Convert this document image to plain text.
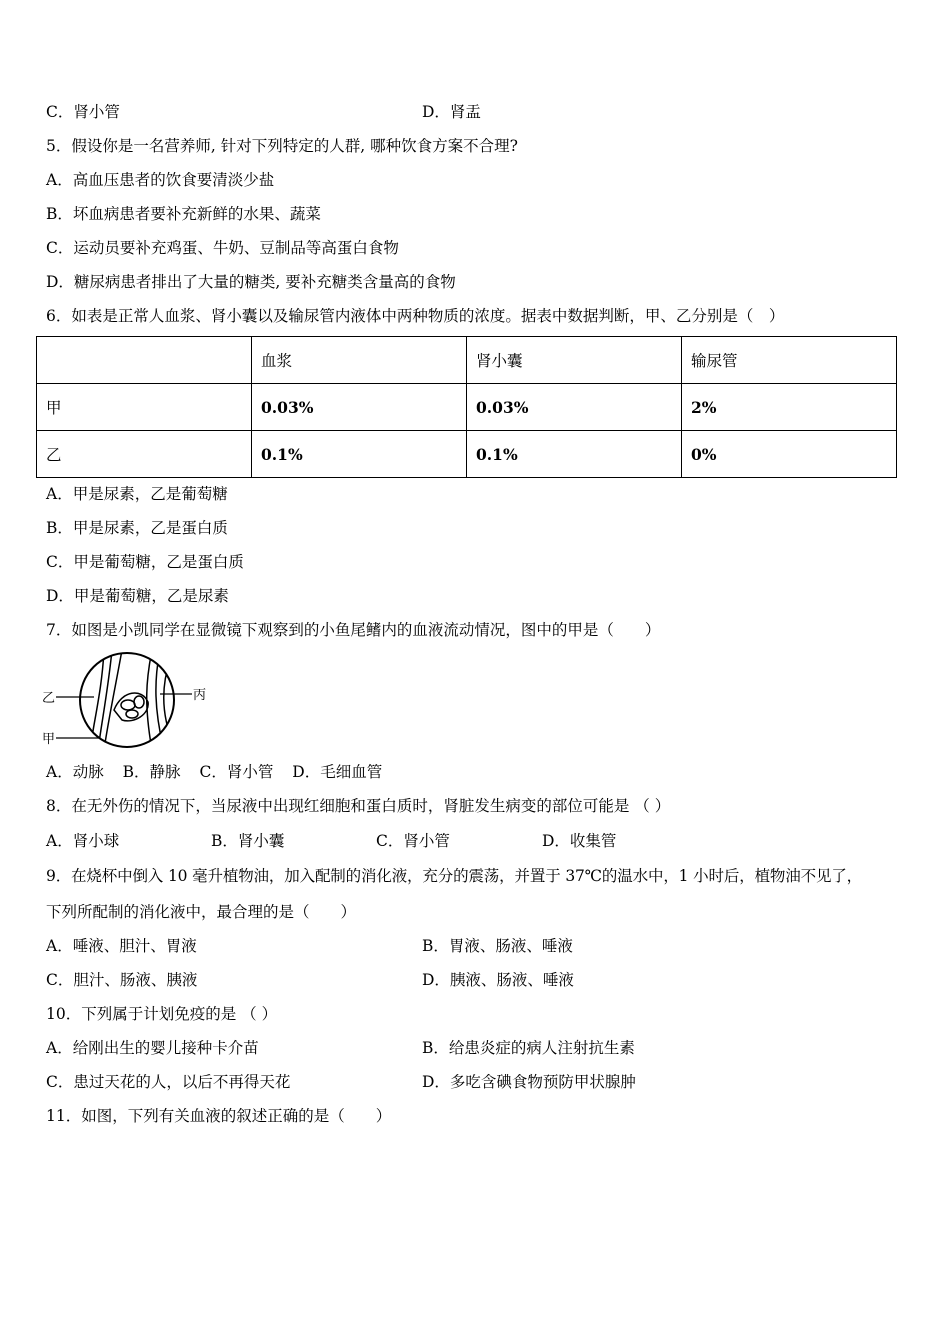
C．肾小管	D．肾盂
5．假设你是一名营养师, 针对下列特定的人群, 哪种饮食方案不合理?
A．高血压患者的饮食要清淡少盐
B．坏血病患者要补充新鲜的水果、蔬菜
C．运动员要补充鸡蛋、牛奶、豆制品等高蛋白食物
D．糖尿病患者排出了大量的糖类, 要补充糖类含量高的食物
6．如表是正常人血浆、肾小囊以及输尿管内液体中两种物质的浓度。据表中数据判断，甲、乙分别是（　）
	血浆	肾小囊	输尿管
甲	0.03%	0.03%	2%
乙	0.1%	0.1%	0%
A．甲是尿素，乙是葡萄糖
B．甲是尿素，乙是蛋白质
C．甲是葡萄糖，乙是蛋白质
D．甲是葡萄糖，乙是尿素
7．如图是小凯同学在显微镜下观察到的小鱼尾鳍内的血液流动情况，图中的甲是（　　）
乙
甲
丙
A．动脉 B．静脉 C．肾小管 D．毛细血管
8．在无外伤的情况下，当尿液中出现红细胞和蛋白质时，肾脏发生病变的部位可能是 （ ）
A．肾小球	B．肾小囊	C．肾小管	D．收集管
9．在烧杯中倒入 10 毫升植物油，加入配制的消化液，充分的震荡，并置于 37℃的温水中，1 小时后，植物油不见了，
下列所配制的消化液中，最合理的是（　　）
A．唾液、胆汁、胃液	B．胃液、肠液、唾液
C．胆汁、肠液、胰液	D．胰液、肠液、唾液
10．下列属于计划免疫的是 （ ）
A．给刚出生的婴儿接种卡介苗	B．给患炎症的病人注射抗生素
C．患过天花的人，以后不再得天花	D．多吃含碘食物预防甲状腺肿
11．如图，下列有关血液的叙述正确的是（　　）
